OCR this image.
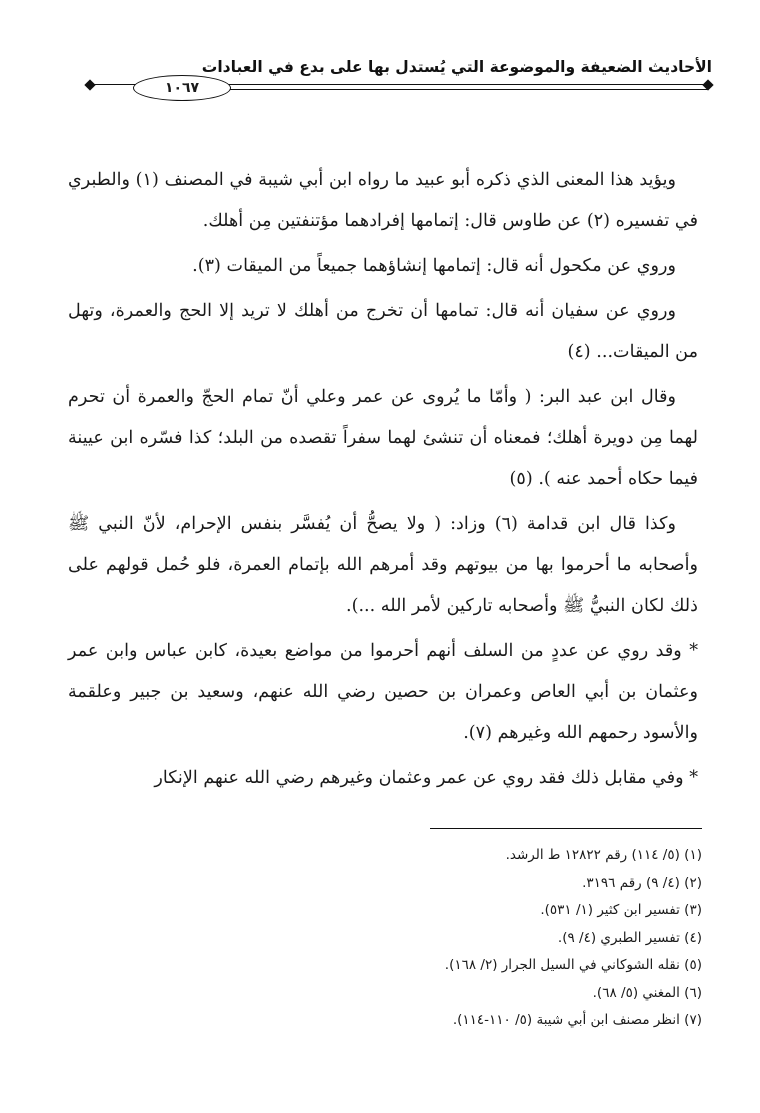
الأحاديث الضعيفة والموضوعة التي يُستدل بها على بدع في العبادات
١٠٦٧

ويؤيد هذا المعنى الذي ذكره أبو عبيد ما رواه ابن أبي شيبة في المصنف (١) والطبري في تفسيره (٢) عن طاوس قال: إتمامها إفرادهما مؤتنفتين مِن أهلك.

وروي عن مكحول أنه قال: إتمامها إنشاؤهما جميعاً من الميقات (٣).

وروي عن سفيان أنه قال: تمامها أن تخرج من أهلك لا تريد إلا الحج والعمرة، وتهل من الميقات... (٤)

وقال ابن عبد البر: ( وأمّا ما يُروى عن عمر وعلي أنّ تمام الحجّ والعمرة أن تحرم لهما مِن دويرة أهلك؛ فمعناه أن تنشئ لهما سفراً تقصده من البلد؛ كذا فسّره ابن عيينة فيما حكاه أحمد عنه ). (٥)

وكذا قال ابن قدامة (٦) وزاد: ( ولا يصحُّ أن يُفسَّر بنفس الإحرام، لأنّ النبي ﷺ وأصحابه ما أحرموا بها من بيوتهم وقد أمرهم الله بإتمام العمرة، فلو حُمل قولهم على ذلك لكان النبيُّ ﷺ وأصحابه تاركين لأمر الله ...).

* وقد روي عن عددٍ من السلف أنهم أحرموا من مواضع بعيدة، كابن عباس وابن عمر وعثمان بن أبي العاص وعمران بن حصين رضي الله عنهم، وسعيد بن جبير وعلقمة والأسود رحمهم الله وغيرهم (٧).

* وفي مقابل ذلك فقد روي عن عمر وعثمان وغيرهم رضي الله عنهم الإنكار

(١) (٥/ ١١٤) رقم ١٢٨٢٢ ط الرشد.
(٢) (٤/ ٩) رقم ٣١٩٦.
(٣) تفسير ابن كثير (١/ ٥٣١).
(٤) تفسير الطبري (٤/ ٩).
(٥) نقله الشوكاني في السيل الجرار (٢/ ١٦٨).
(٦) المغني (٥/ ٦٨).
(٧) انظر مصنف ابن أبي شيبة (٥/ ١١٠-١١٤).
